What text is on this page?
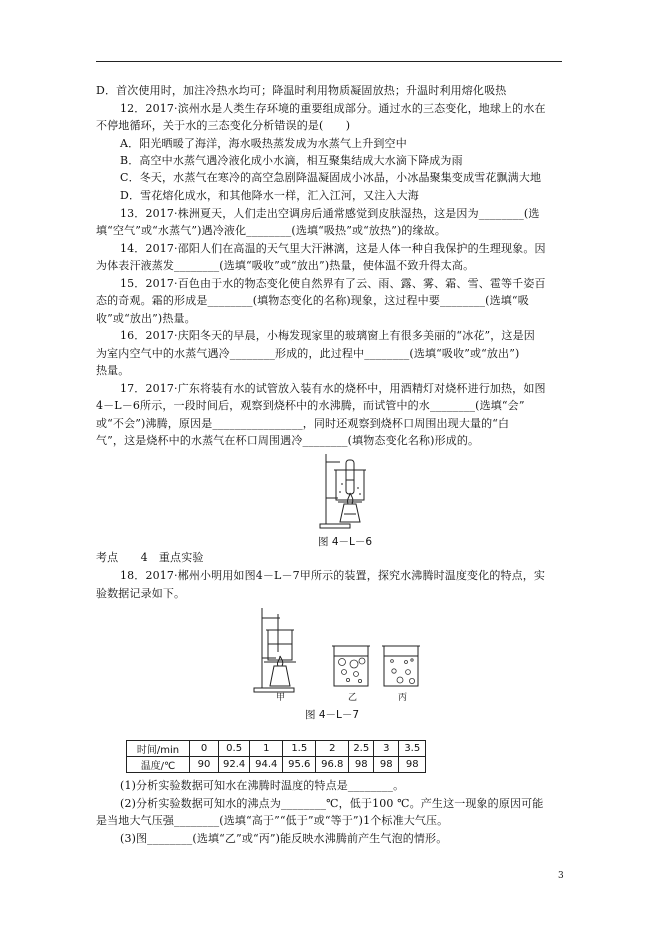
D．首次使用时，加注冷热水均可；降温时利用物质凝固放热；升温时利用熔化吸热
12．2017·滨州水是人类生存环境的重要组成部分。通过水的三态变化，地球上的水在
不停地循环，关于水的三态变化分析错误的是(　　)
A．阳光晒暖了海洋，海水吸热蒸发成为水蒸气上升到空中
B．高空中水蒸气遇冷液化成小水滴，相互聚集结成大水滴下降成为雨
C．冬天，水蒸气在寒冷的高空急剧降温凝固成小冰晶，小冰晶聚集变成雪花飘满大地
D．雪花熔化成水，和其他降水一样，汇入江河，又注入大海
13．2017·株洲夏天，人们走出空调房后通常感觉到皮肤湿热，这是因为________(选
填“空气”或“水蒸气”)遇冷液化________(选填“吸热”或“放热”)的缘故。
14．2017·邵阳人们在高温的天气里大汗淋漓，这是人体一种自我保护的生理现象。因
为体表汗液蒸发________(选填“吸收”或“放出”)热量，使体温不致升得太高。
15．2017·百色由于水的物态变化使自然界有了云、雨、露、雾、霜、雪、雹等千姿百
态的奇观。霜的形成是________(填物态变化的名称)现象，这过程中要________(选填“吸
收”或“放出”)热量。
16．2017·庆阳冬天的早晨，小梅发现家里的玻璃窗上有很多美丽的“冰花”，这是因
为室内空气中的水蒸气遇冷________形成的，此过程中________(选填“吸收”或“放出”)
热量。
17．2017·广东将装有水的试管放入装有水的烧杯中，用酒精灯对烧杯进行加热，如图
4－L－6所示，一段时间后，观察到烧杯中的水沸腾，而试管中的水________(选填“会”
或“不会”)沸腾，原因是________________，同时还观察到烧杯口周围出现大量的“白
气”，这是烧杯中的水蒸气在杯口周围遇冷________(填物态变化名称)形成的。
图 4－L－6
考点　　4　重点实验
18．2017·郴州小明用如图4－L－7甲所示的装置，探究水沸腾时温度变化的特点，实
验数据记录如下。
甲	乙	丙
图 4－L－7
时间/min	0	0.5	1	1.5	2	2.5	3	3.5
温度/℃	90	92.4	94.4	95.6	96.8	98	98	98
(1)分析实验数据可知水在沸腾时温度的特点是________。
(2)分析实验数据可知水的沸点为________℃，低于100 ℃。产生这一现象的原因可能
是当地大气压强________(选填“高于”“低于”或“等于”)1个标准大气压。
(3)图________(选填“乙”或“丙”)能反映水沸腾前产生气泡的情形。
3
